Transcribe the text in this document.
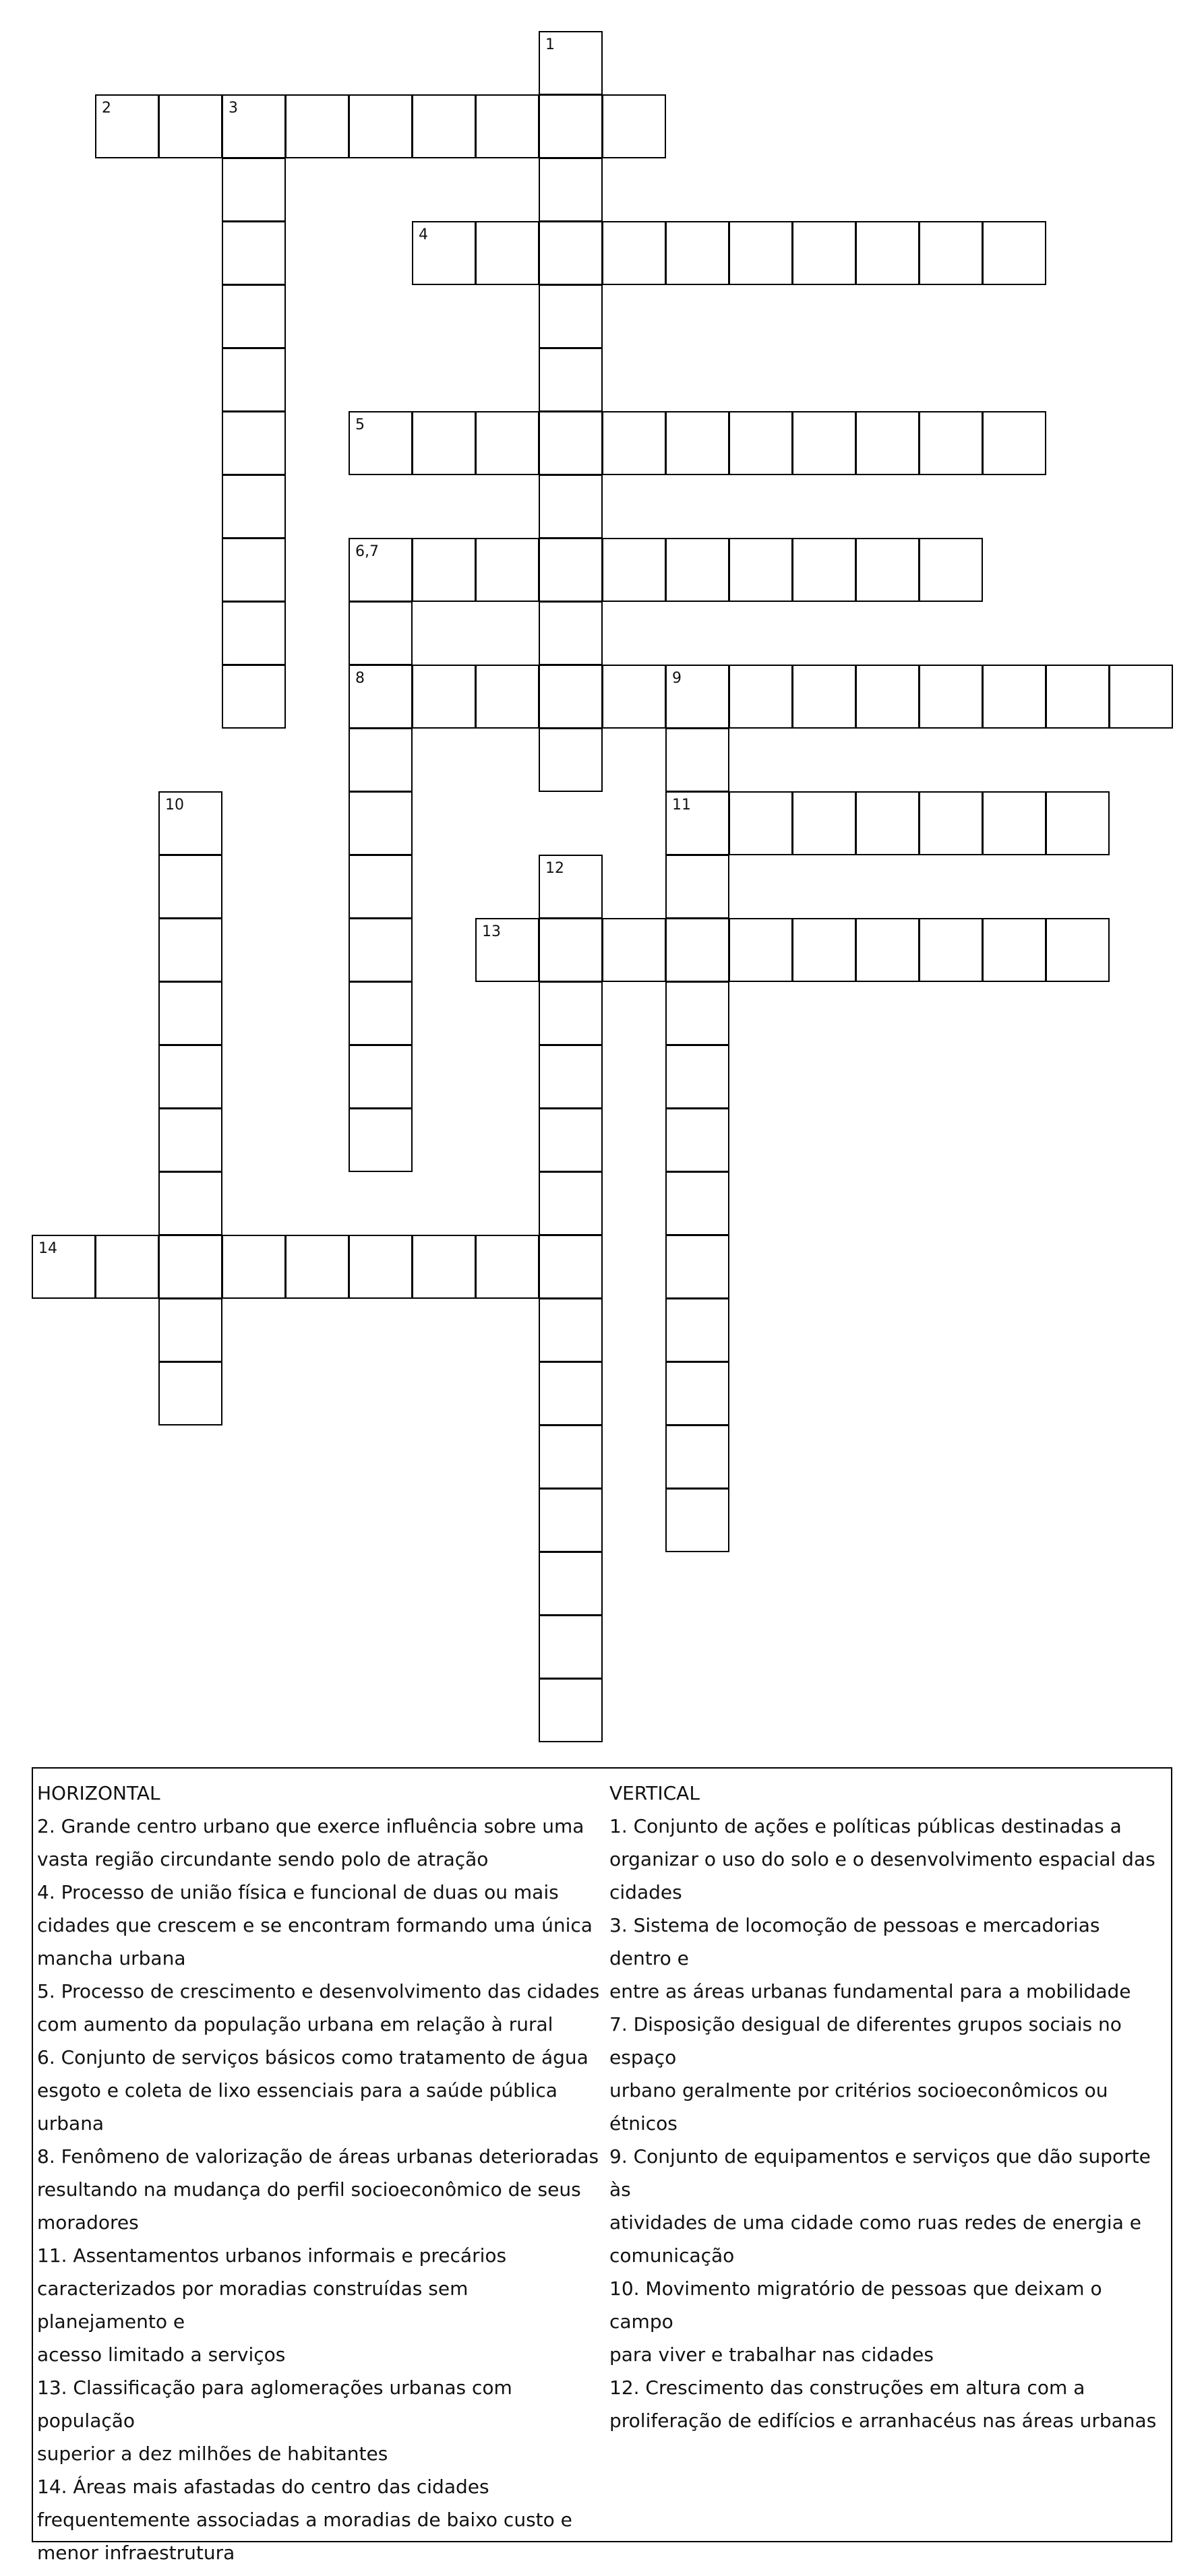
1
2	3
4
5
6,7
8	9
10	11
12
13
14

HORIZONTAL

2. Grande centro urbano que exerce influência sobre uma

vasta região circundante sendo polo de atração

4. Processo de união física e funcional de duas ou mais

cidades que crescem e se encontram formando uma única

mancha urbana

5. Processo de crescimento e desenvolvimento das cidades

com aumento da população urbana em relação à rural

6. Conjunto de serviços básicos como tratamento de água

esgoto e coleta de lixo essenciais para a saúde pública

urbana

8. Fenômeno de valorização de áreas urbanas deterioradas

resultando na mudança do perfil socioeconômico de seus

moradores

11. Assentamentos urbanos informais e precários

caracterizados por moradias construídas sem planejamento e

acesso limitado a serviços

13. Classificação para aglomerações urbanas com população

superior a dez milhões de habitantes

14. Áreas mais afastadas do centro das cidades

frequentemente associadas a moradias de baixo custo e

menor infraestrutura

VERTICAL

1. Conjunto de ações e políticas públicas destinadas a

organizar o uso do solo e o desenvolvimento espacial das

cidades

3. Sistema de locomoção de pessoas e mercadorias dentro e

entre as áreas urbanas fundamental para a mobilidade

7. Disposição desigual de diferentes grupos sociais no espaço

urbano geralmente por critérios socioeconômicos ou étnicos

9. Conjunto de equipamentos e serviços que dão suporte às

atividades de uma cidade como ruas redes de energia e

comunicação

10. Movimento migratório de pessoas que deixam o campo

para viver e trabalhar nas cidades

12. Crescimento das construções em altura com a

proliferação de edifícios e arranhacéus nas áreas urbanas
